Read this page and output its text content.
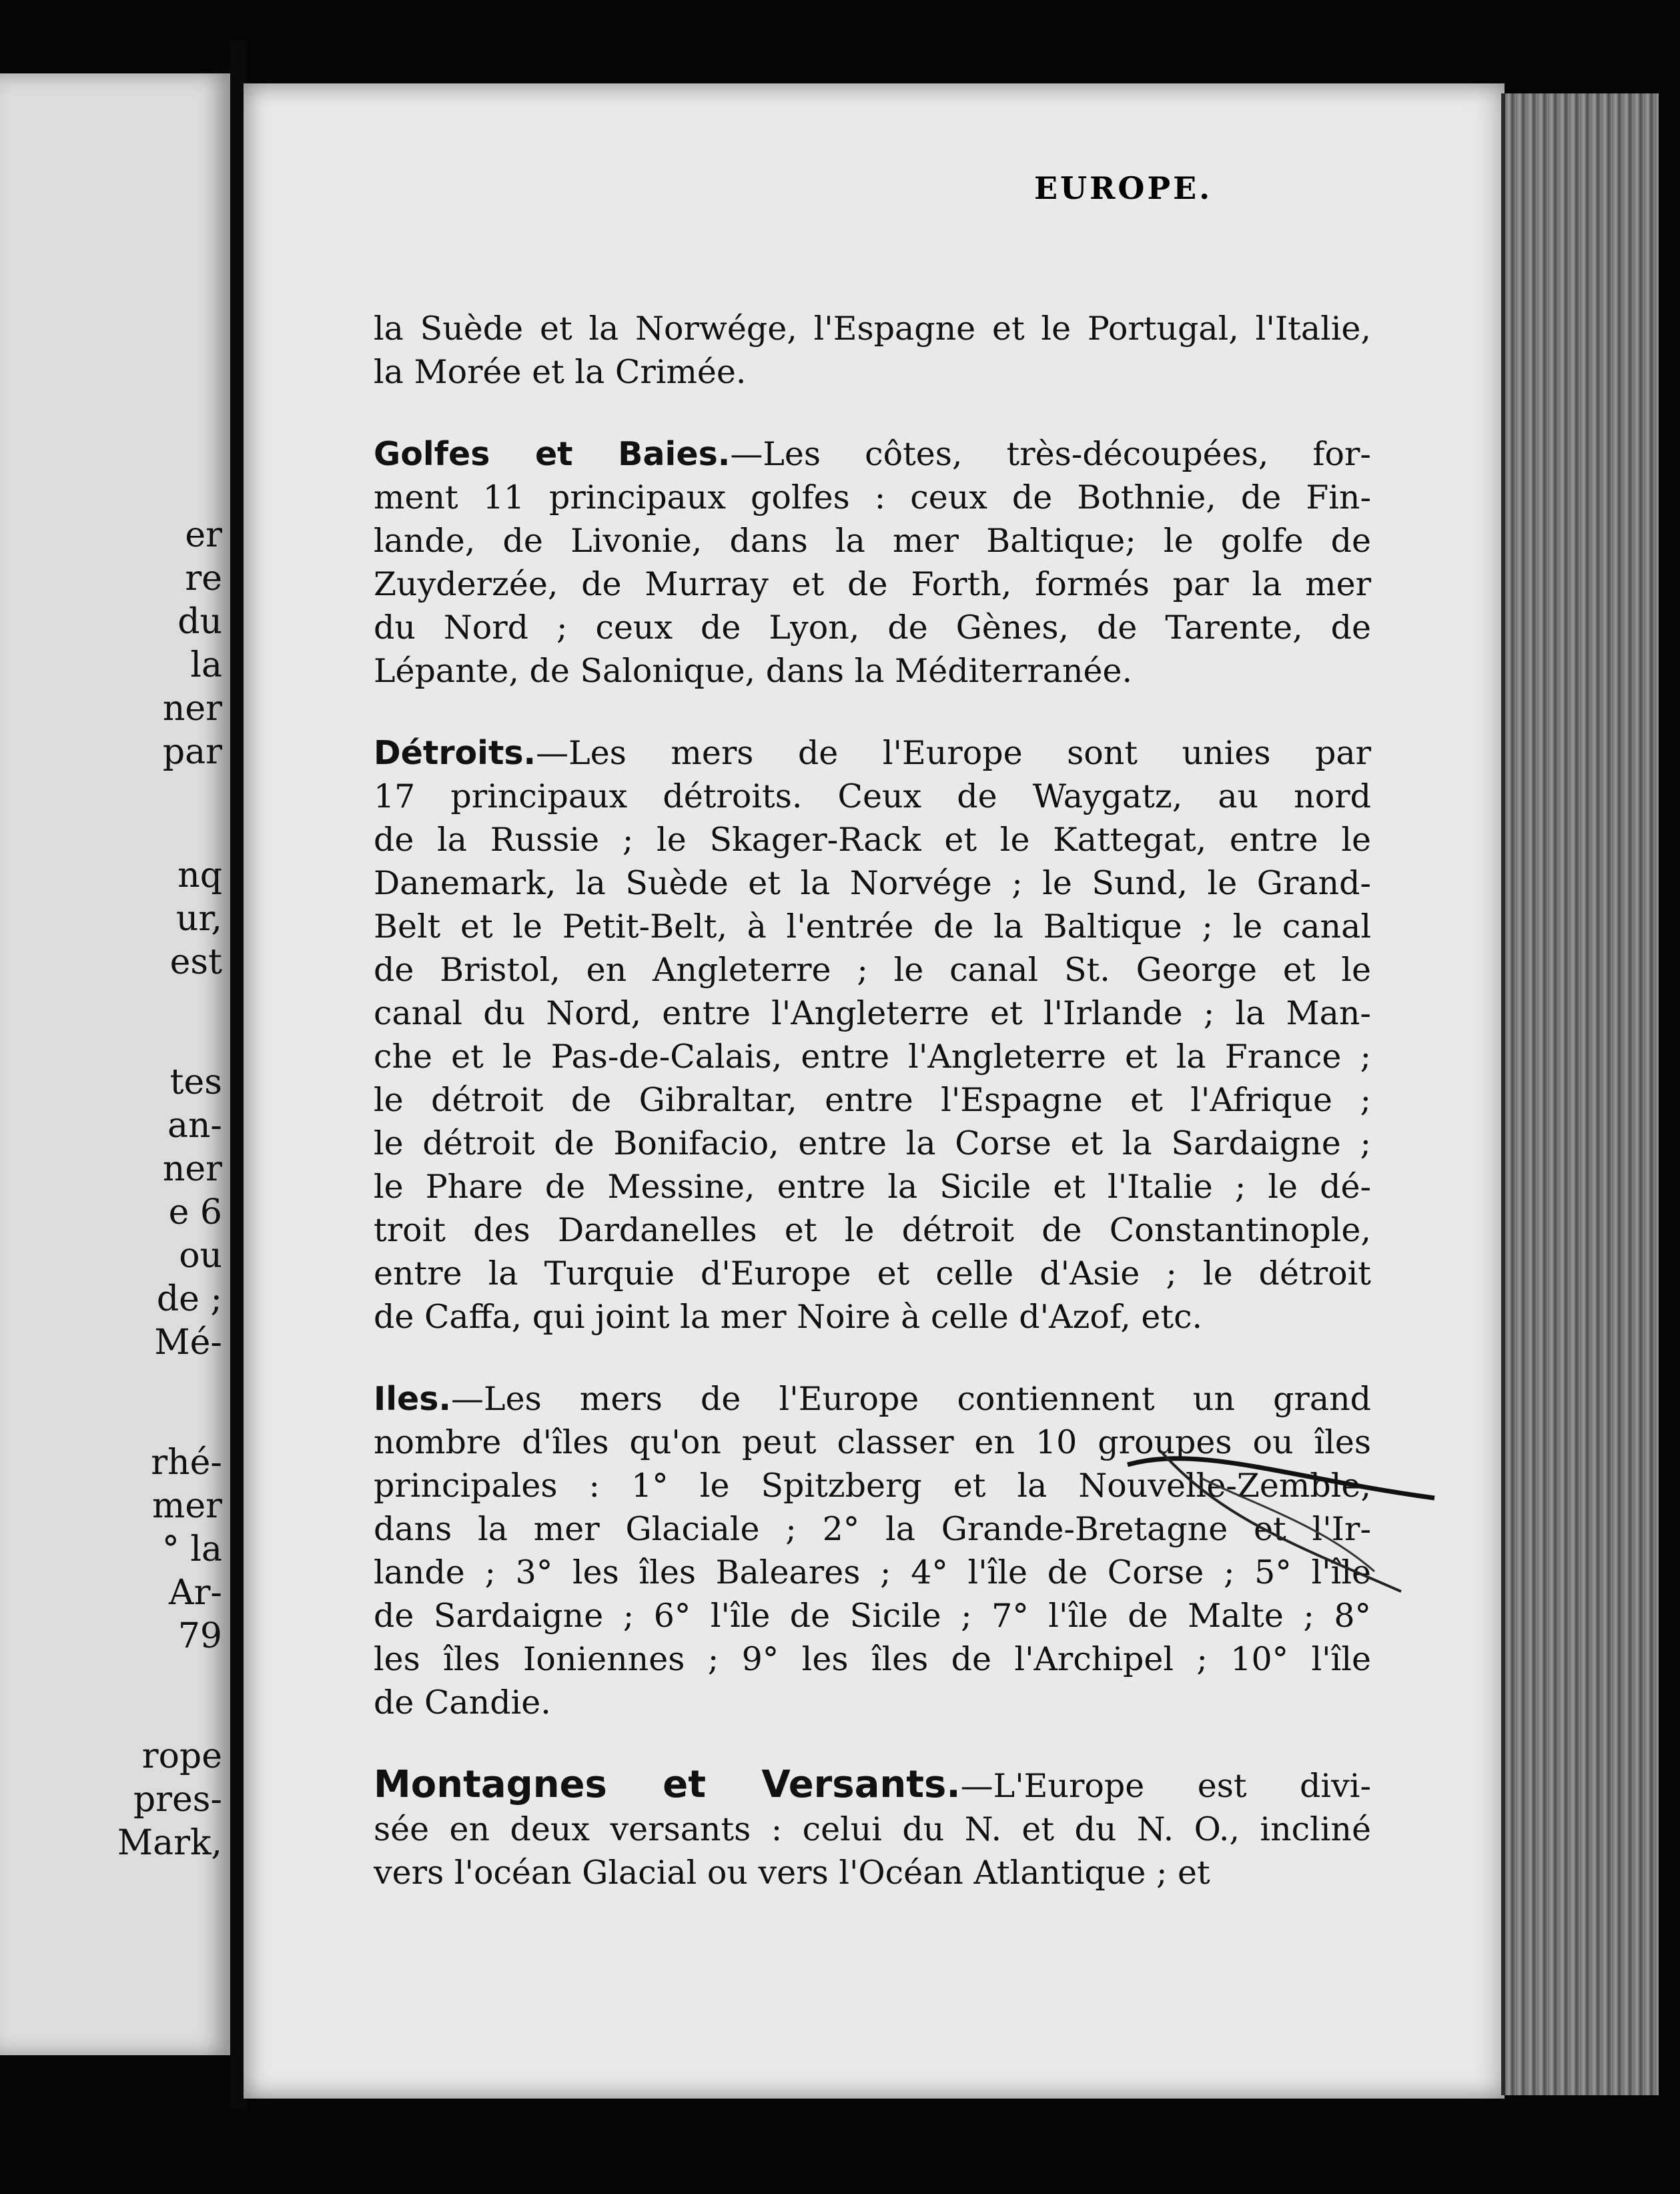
er
re
du
la
ner
par
nq
ur,
est
tes
an-
ner
e 6
ou
de ;
Mé-
rhé-
mer
° la
Ar-
79
rope
pres-
Mark,
EUROPE.
la Suède et la Norwége, l'Espagne et le Portugal, l'Italie,
la Morée et la Crimée.
Golfes et Baies.—Les côtes, très-découpées, for-
ment 11 principaux golfes : ceux de Bothnie, de Fin-
lande, de Livonie, dans la mer Baltique; le golfe de
Zuyderzée, de Murray et de Forth, formés par la mer
du Nord ; ceux de Lyon, de Gènes, de Tarente, de
Lépante, de Salonique, dans la Méditerranée.
Détroits.—Les mers de l'Europe sont unies par
17 principaux détroits. Ceux de Waygatz, au nord
de la Russie ; le Skager-Rack et le Kattegat, entre le
Danemark, la Suède et la Norvége ; le Sund, le Grand-
Belt et le Petit-Belt, à l'entrée de la Baltique ; le canal
de Bristol, en Angleterre ; le canal St. George et le
canal du Nord, entre l'Angleterre et l'Irlande ; la Man-
che et le Pas-de-Calais, entre l'Angleterre et la France ;
le détroit de Gibraltar, entre l'Espagne et l'Afrique ;
le détroit de Bonifacio, entre la Corse et la Sardaigne ;
le Phare de Messine, entre la Sicile et l'Italie ; le dé-
troit des Dardanelles et le détroit de Constantinople,
entre la Turquie d'Europe et celle d'Asie ; le détroit
de Caffa, qui joint la mer Noire à celle d'Azof, etc.
Iles.—Les mers de l'Europe contiennent un grand
nombre d'îles qu'on peut classer en 10 groupes ou îles
principales : 1° le Spitzberg et la Nouvelle-Zemble,
dans la mer Glaciale ; 2° la Grande-Bretagne et l'Ir-
lande ; 3° les îles Baleares ; 4° l'île de Corse ; 5° l'île
de Sardaigne ; 6° l'île de Sicile ; 7° l'île de Malte ; 8°
les îles Ioniennes ; 9° les îles de l'Archipel ; 10° l'île
de Candie.
Montagnes et Versants.—L'Europe est divi-
sée en deux versants : celui du N. et du N. O., incliné
vers l'océan Glacial ou vers l'Océan Atlantique ; et
